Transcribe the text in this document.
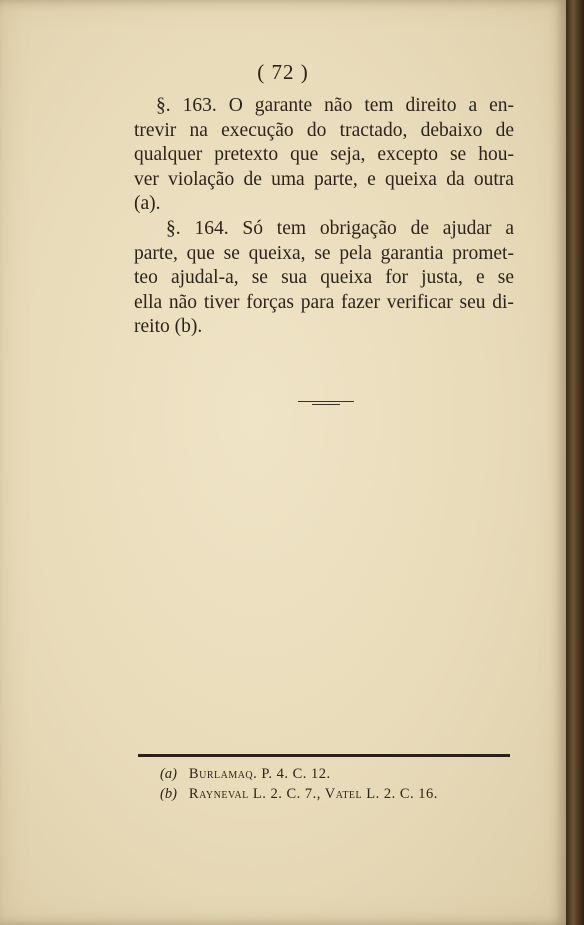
( 72 )
§. 163. O garante não tem direito a en-
trevir na execução do tractado, debaixo de
qualquer pretexto que seja, excepto se hou-
ver violação de uma parte, e queixa da outra
(a).
§. 164. Só tem obrigação de ajudar a
parte, que se queixa, se pela garantia promet-
teo ajudal-a, se sua queixa for justa, e se
ella não tiver forças para fazer verificar seu di-
reito (b).
(a) Burlamaq. P. 4. C. 12.
(b) Rayneval L. 2. C. 7., Vatel L. 2. C. 16.
